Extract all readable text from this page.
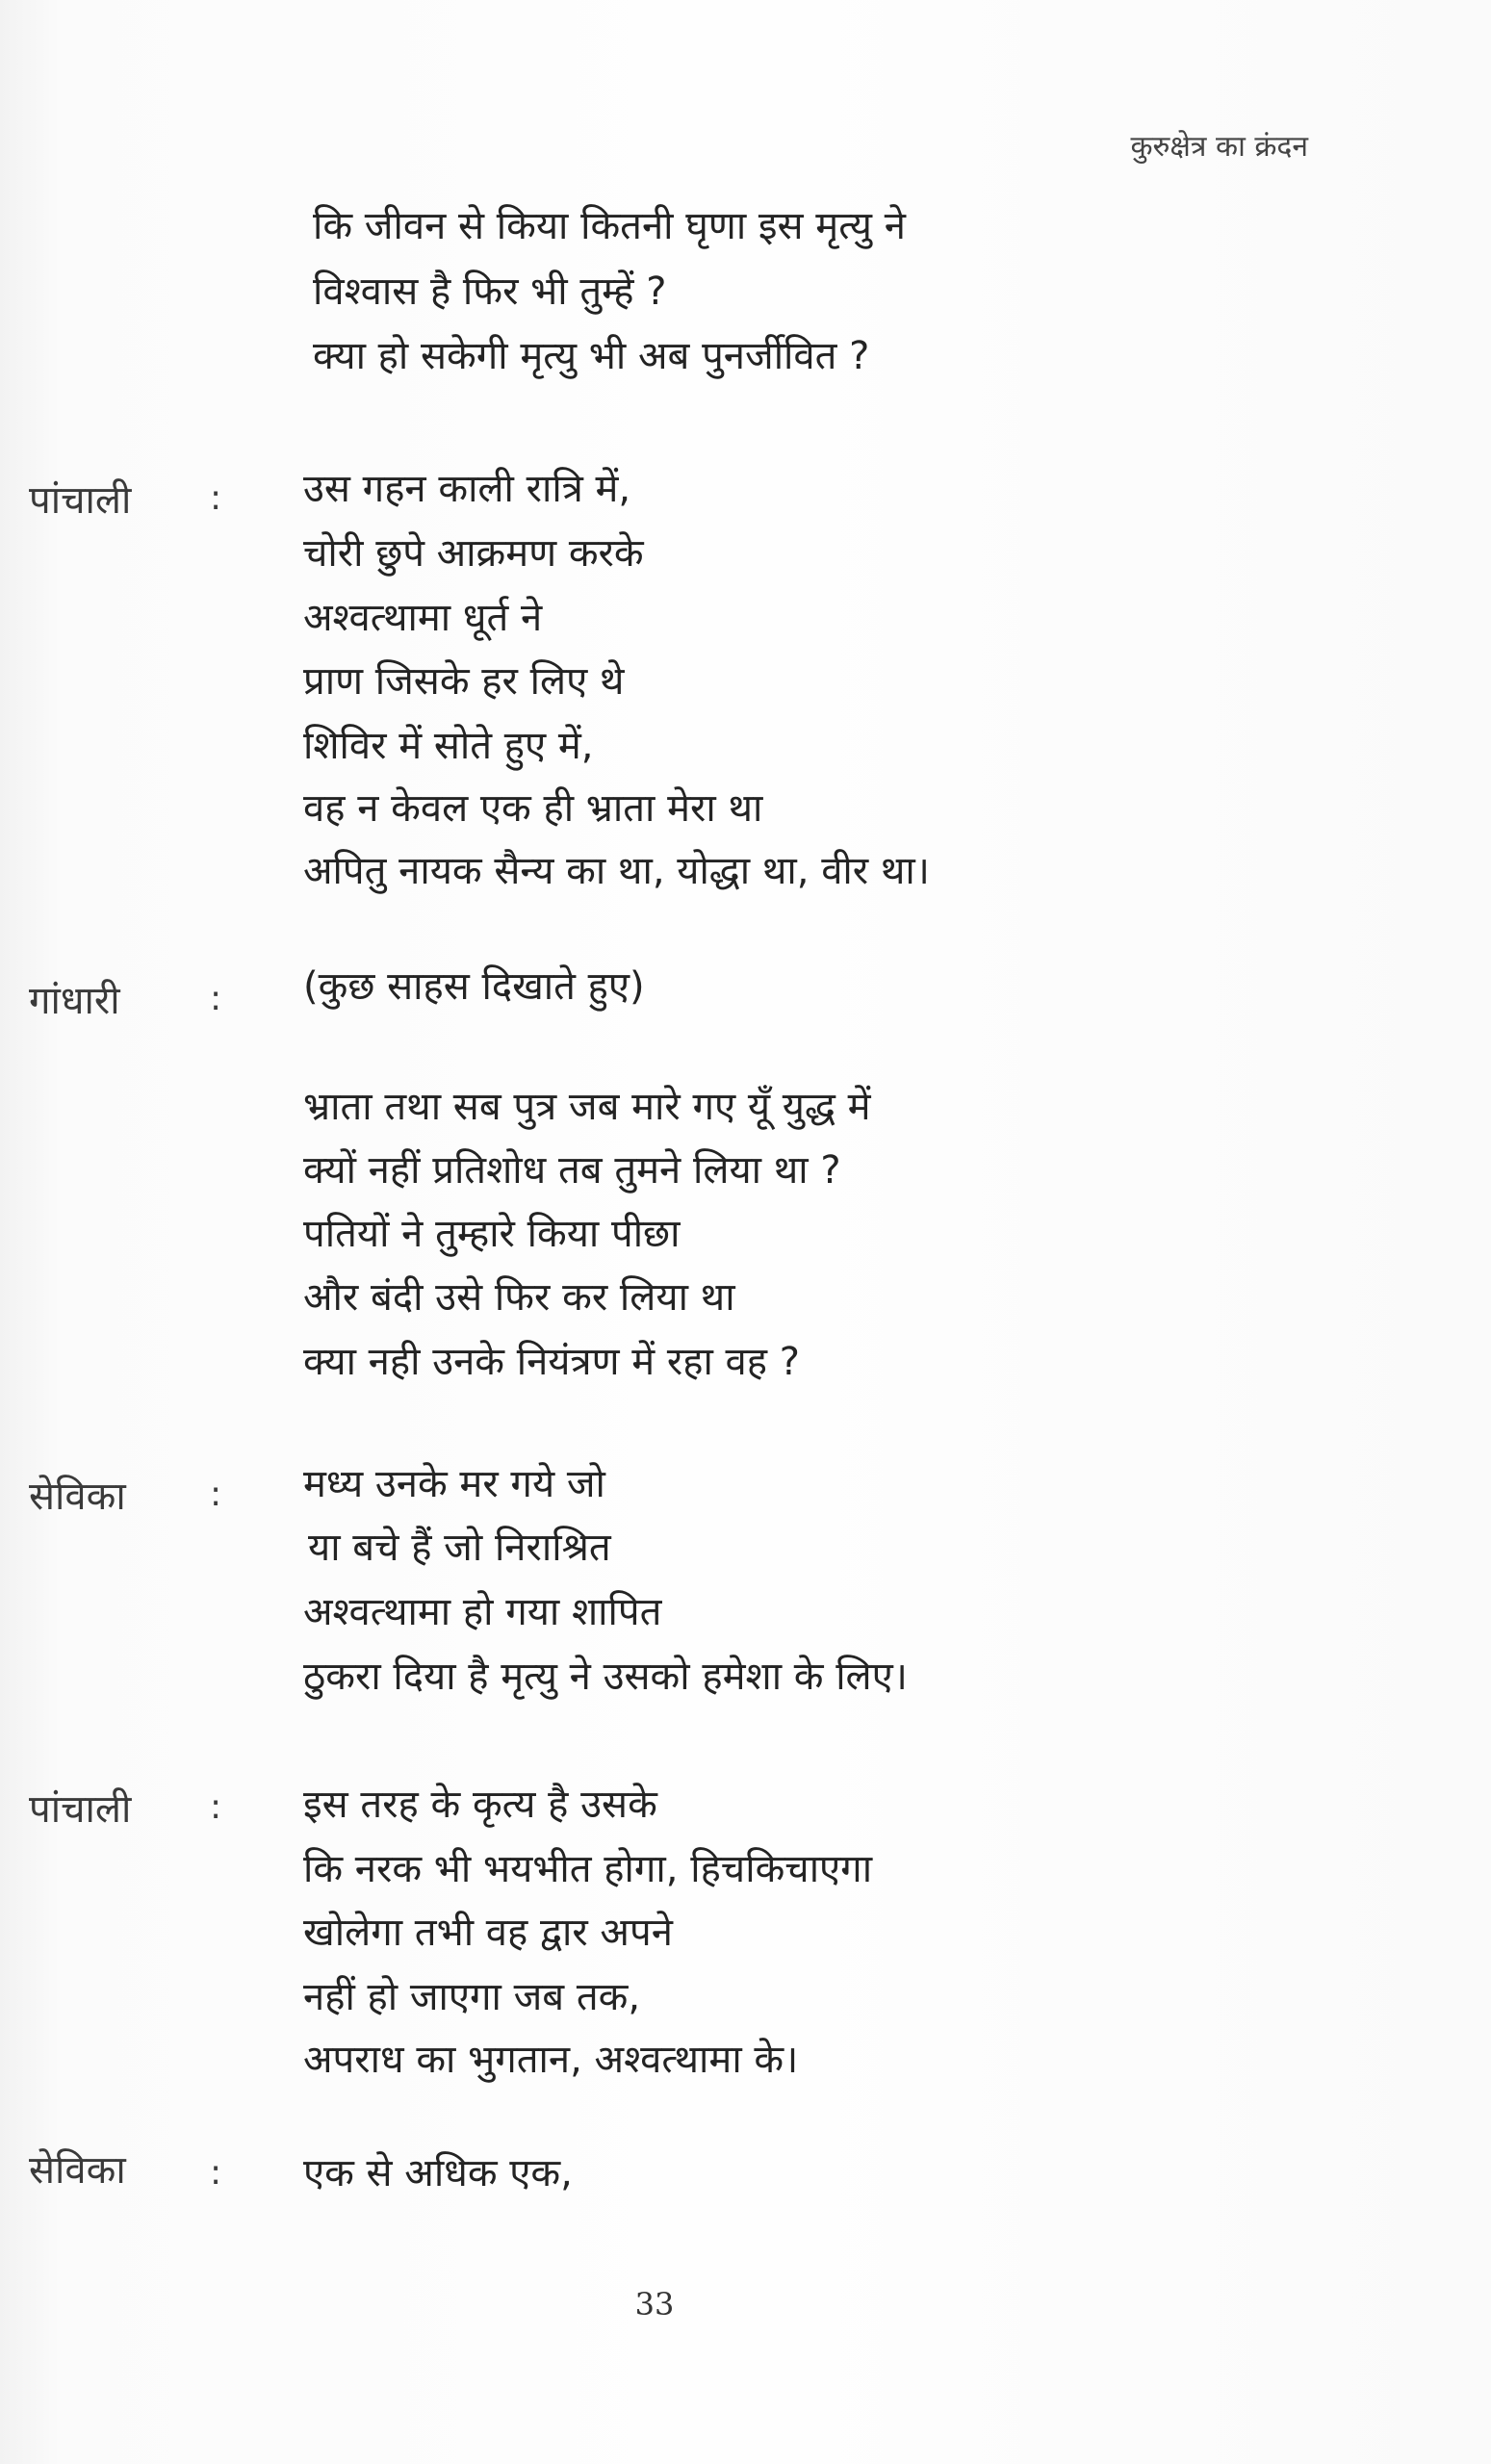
कुरुक्षेत्र का क्रंदन
कि जीवन से किया कितनी घृणा इस मृत्यु ने
विश्वास है फिर भी तुम्हें ?
क्या हो सकेगी मृत्यु भी अब पुनर्जीवित ?
पांचाली : उस गहन काली रात्रि में,
चोरी छुपे आक्रमण करके
अश्वत्थामा धूर्त ने
प्राण जिसके हर लिए थे
शिविर में सोते हुए में,
वह न केवल एक ही भ्राता मेरा था
अपितु नायक सैन्य का था, योद्धा था, वीर था।
गांधारी	: (कुछ साहस दिखाते हुए)
भ्राता तथा सब पुत्र जब मारे गए यूँ युद्ध में
क्यों नहीं प्रतिशोध तब तुमने लिया था ?
पतियों ने तुम्हारे किया पीछा
और बंदी उसे फिर कर लिया था
क्या नही उनके नियंत्रण में रहा वह ?
सेविका : मध्य उनके मर गये जो
या बचे हैं जो निराश्रित
अश्वत्थामा हो गया शापित
ठुकरा दिया है मृत्यु ने उसको हमेशा के लिए।
पांचाली : इस तरह के कृत्य है उसके
कि नरक भी भयभीत होगा, हिचकिचाएगा
खोलेगा तभी वह द्वार अपने
नहीं हो जाएगा जब तक,
अपराध का भुगतान, अश्वत्थामा के।
सेविका : एक से अधिक एक,
33
